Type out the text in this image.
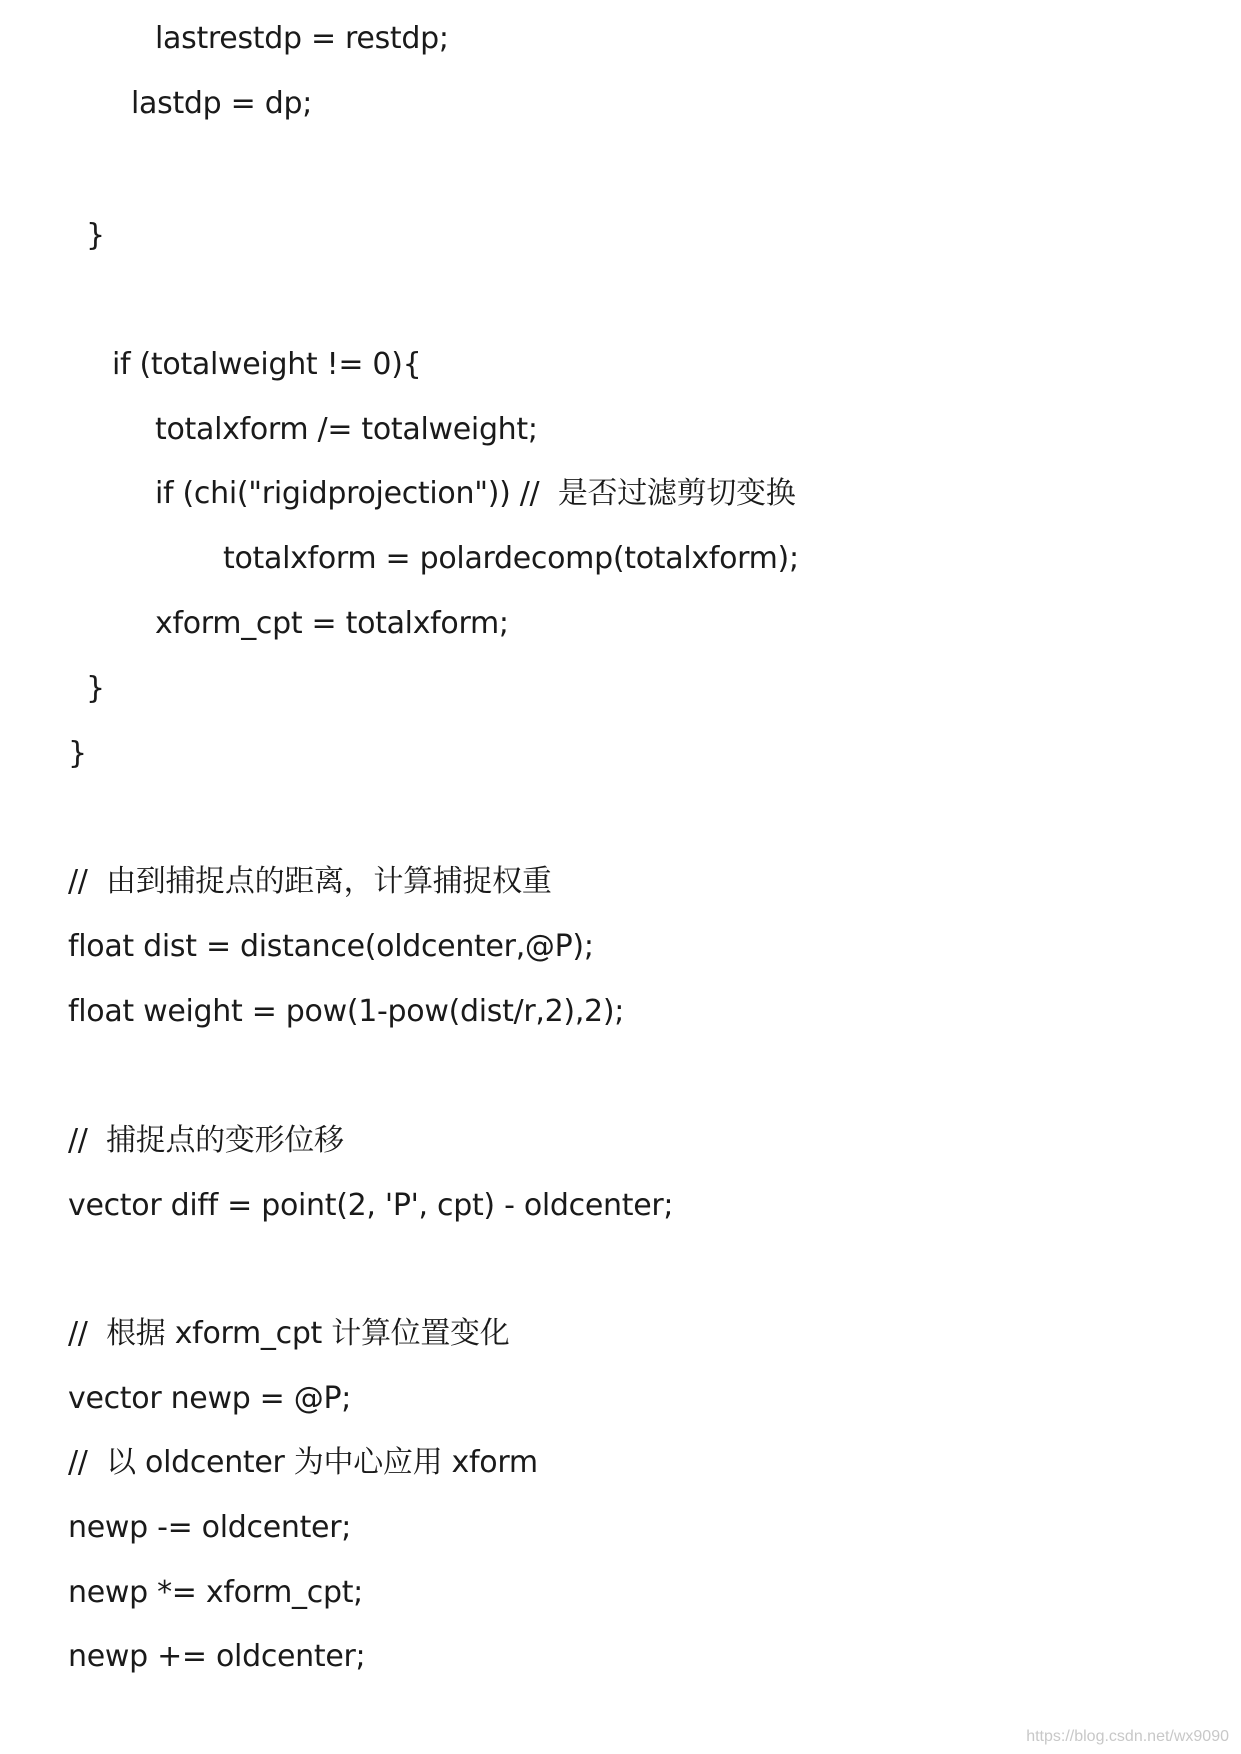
lastrestdp = restdp;
lastdp = dp;
}
if (totalweight != 0){
totalxform /= totalweight;
if (chi("rigidprojection")) //  是否过滤剪切变换
totalxform = polardecomp(totalxform);
xform_cpt = totalxform;
}
}
//  由到捕捉点的距离，计算捕捉权重
float dist = distance(oldcenter,@P);
float weight = pow(1-pow(dist/r,2),2);
//  捕捉点的变形位移
vector diff = point(2, 'P', cpt) - oldcenter;
//  根据 xform_cpt 计算位置变化
vector newp = @P;
//  以 oldcenter 为中心应用 xform
newp -= oldcenter;
newp *= xform_cpt;
newp += oldcenter;
https://blog.csdn.net/wx9090
